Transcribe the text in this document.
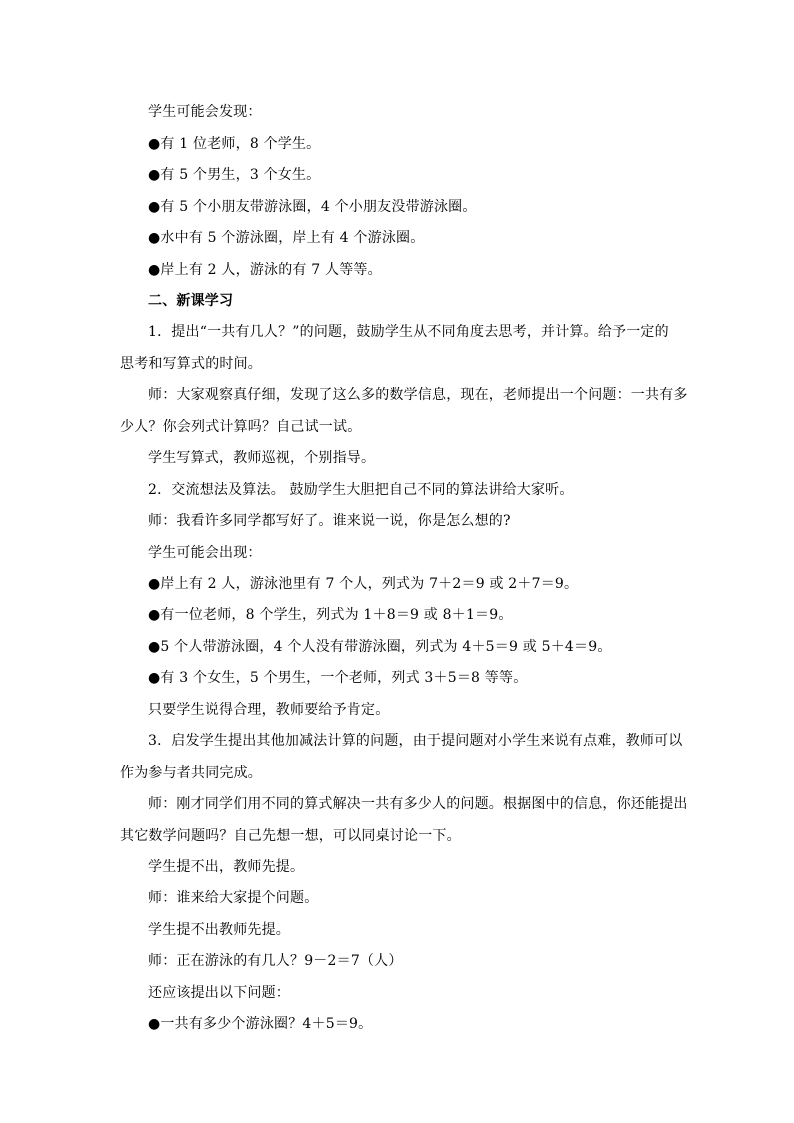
学生可能会发现：
●有 1 位老师，8 个学生。
●有 5 个男生，3 个女生。
●有 5 个小朋友带游泳圈，4 个小朋友没带游泳圈。
●水中有 5 个游泳圈，岸上有 4 个游泳圈。
●岸上有 2 人，游泳的有 7 人等等。
二、新课学习
1．提出“一共有几人？”的问题，鼓励学生从不同角度去思考，并计算。给予一定的
思考和写算式的时间。
师：大家观察真仔细，发现了这么多的数学信息，现在，老师提出一个问题：一共有多
少人？你会列式计算吗？自己试一试。
学生写算式，教师巡视，个别指导。
2．交流想法及算法。 鼓励学生大胆把自己不同的算法讲给大家听。
师：我看许多同学都写好了。谁来说一说，你是怎么想的?
学生可能会出现：
●岸上有 2 人，游泳池里有 7 个人，列式为 7＋2＝9 或 2＋7＝9。
●有一位老师，8 个学生，列式为 1＋8＝9 或 8＋1＝9。
●5 个人带游泳圈，4 个人没有带游泳圈，列式为 4＋5＝9 或 5＋4＝9。
●有 3 个女生，5 个男生，一个老师，列式 3＋5＝8 等等。
只要学生说得合理，教师要给予肯定。
3．启发学生提出其他加减法计算的问题，由于提问题对小学生来说有点难，教师可以
作为参与者共同完成。
师：刚才同学们用不同的算式解决一共有多少人的问题。根据图中的信息，你还能提出
其它数学问题吗？自己先想一想，可以同桌讨论一下。
学生提不出，教师先提。
师：谁来给大家提个问题。
学生提不出教师先提。
师：正在游泳的有几人？9－2＝7（人）
还应该提出以下问题：
●一共有多少个游泳圈？4＋5＝9。
